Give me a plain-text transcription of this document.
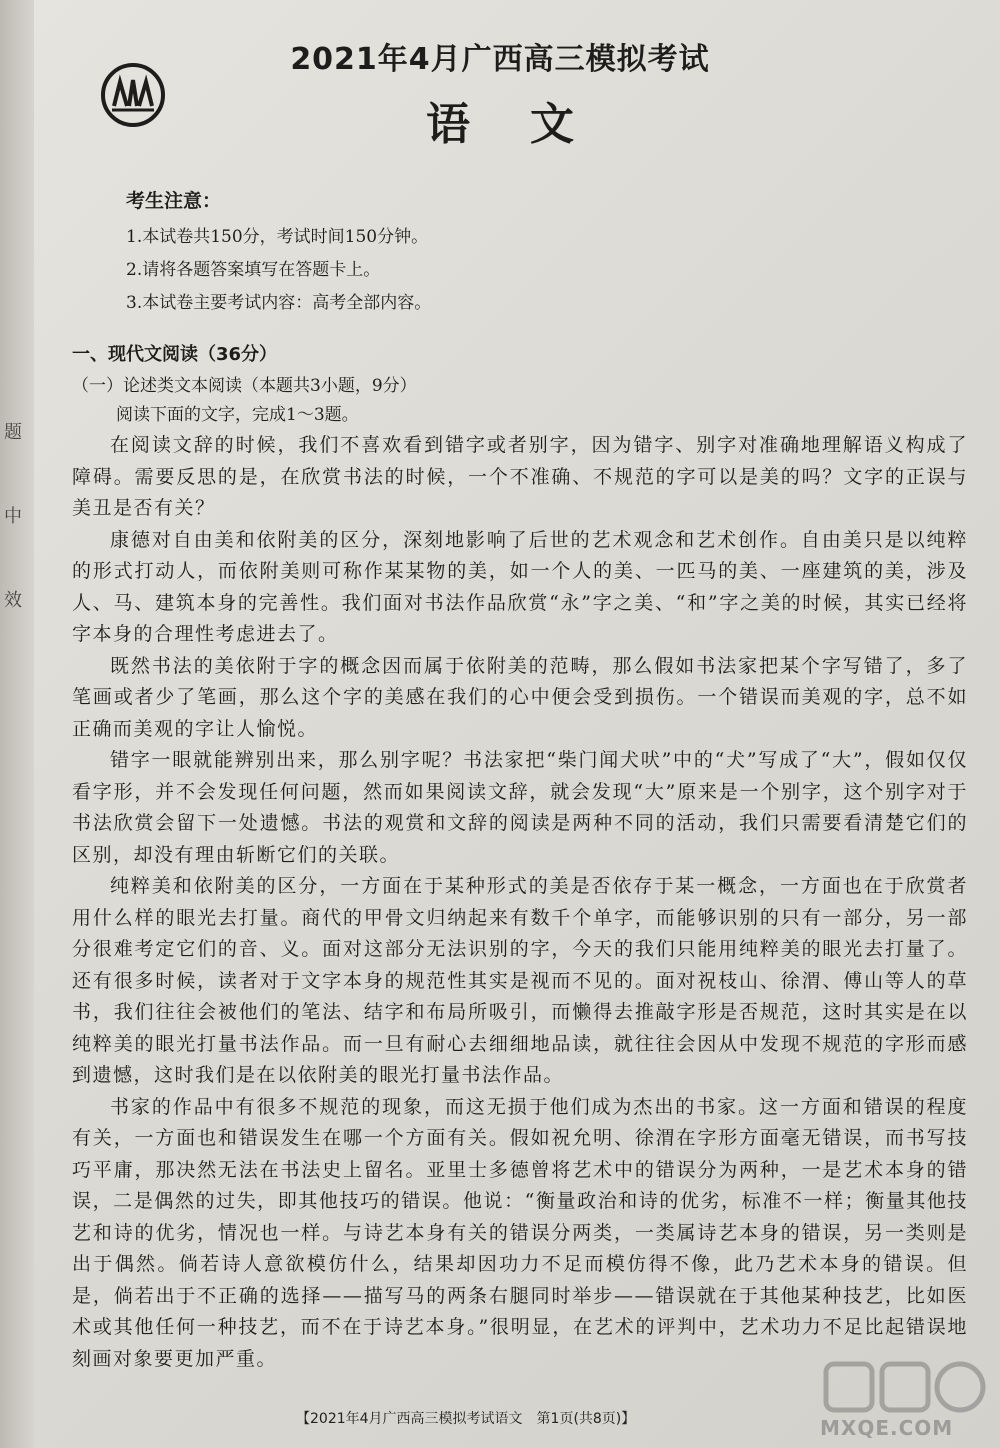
题
中
效
2021年4月广西高三模拟考试
语文
考生注意：
1.本试卷共150分，考试时间150分钟。
2.请将各题答案填写在答题卡上。
3.本试卷主要考试内容：高考全部内容。
一、现代文阅读（36分）
（一）论述类文本阅读（本题共3小题，9分）
阅读下面的文字，完成1～3题。

在阅读文辞的时候，我们不喜欢看到错字或者别字，因为错字、别字对准确地理解语义构成了障碍。需要反思的是，在欣赏书法的时候，一个不准确、不规范的字可以是美的吗？文字的正误与美丑是否有关？

康德对自由美和依附美的区分，深刻地影响了后世的艺术观念和艺术创作。自由美只是以纯粹的形式打动人，而依附美则可称作某某物的美，如一个人的美、一匹马的美、一座建筑的美，涉及人、马、建筑本身的完善性。我们面对书法作品欣赏“永”字之美、“和”字之美的时候，其实已经将字本身的合理性考虑进去了。

既然书法的美依附于字的概念因而属于依附美的范畴，那么假如书法家把某个字写错了，多了笔画或者少了笔画，那么这个字的美感在我们的心中便会受到损伤。一个错误而美观的字，总不如正确而美观的字让人愉悦。

错字一眼就能辨别出来，那么别字呢？书法家把“柴门闻犬吠”中的“犬”写成了“大”，假如仅仅看字形，并不会发现任何问题，然而如果阅读文辞，就会发现“大”原来是一个别字，这个别字对于书法欣赏会留下一处遗憾。书法的观赏和文辞的阅读是两种不同的活动，我们只需要看清楚它们的区别，却没有理由斩断它们的关联。

纯粹美和依附美的区分，一方面在于某种形式的美是否依存于某一概念，一方面也在于欣赏者用什么样的眼光去打量。商代的甲骨文归纳起来有数千个单字，而能够识别的只有一部分，另一部分很难考定它们的音、义。面对这部分无法识别的字，今天的我们只能用纯粹美的眼光去打量了。还有很多时候，读者对于文字本身的规范性其实是视而不见的。面对祝枝山、徐渭、傅山等人的草书，我们往往会被他们的笔法、结字和布局所吸引，而懒得去推敲字形是否规范，这时其实是在以纯粹美的眼光打量书法作品。而一旦有耐心去细细地品读，就往往会因从中发现不规范的字形而感到遗憾，这时我们是在以依附美的眼光打量书法作品。

书家的作品中有很多不规范的现象，而这无损于他们成为杰出的书家。这一方面和错误的程度有关，一方面也和错误发生在哪一个方面有关。假如祝允明、徐渭在字形方面毫无错误，而书写技巧平庸，那决然无法在书法史上留名。亚里士多德曾将艺术中的错误分为两种，一是艺术本身的错误，二是偶然的过失，即其他技巧的错误。他说：“衡量政治和诗的优劣，标准不一样；衡量其他技艺和诗的优劣，情况也一样。与诗艺本身有关的错误分两类，一类属诗艺本身的错误，另一类则是出于偶然。倘若诗人意欲模仿什么，结果却因功力不足而模仿得不像，此乃艺术本身的错误。但是，倘若出于不正确的选择——描写马的两条右腿同时举步——错误就在于其他某种技艺，比如医术或其他任何一种技艺，而不在于诗艺本身。”很明显，在艺术的评判中，艺术功力不足比起错误地刻画对象要更加严重。

【2021年4月广西高三模拟考试语文　第1页(共8页)】	MXQE.COM
